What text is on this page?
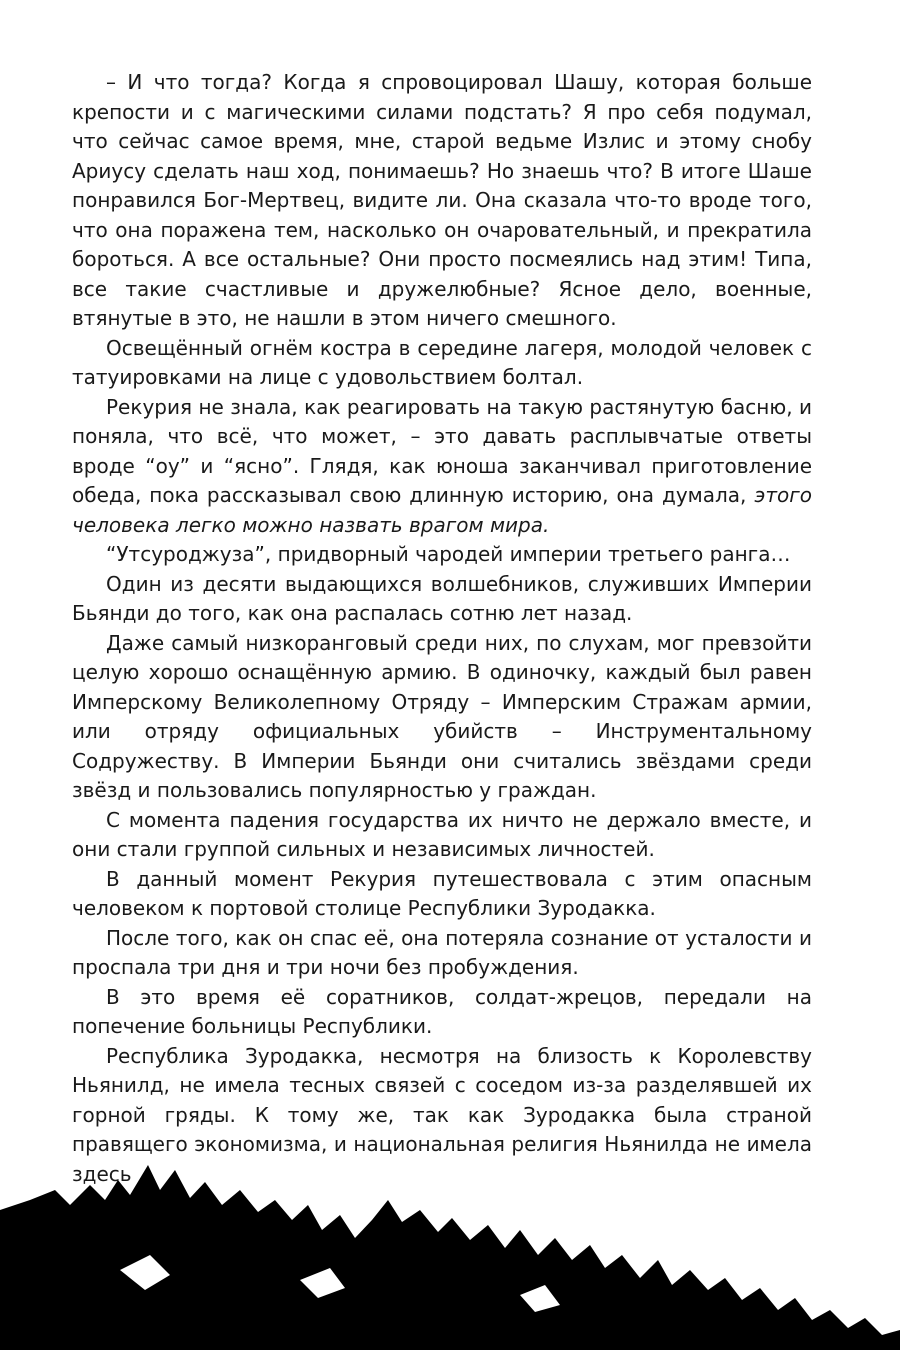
– И что тогда? Когда я спровоцировал Шашу, которая больше крепости и с магическими силами подстать? Я про себя подумал, что сейчас самое время, мне, старой ведьме Излис и этому снобу Ариусу сделать наш ход, понимаешь? Но знаешь что? В итоге Шаше понравился Бог-Мертвец, видите ли. Она сказала что-то вроде того, что она поражена тем, насколько он очаровательный, и прекратила бороться. А все остальные? Они просто посмеялись над этим! Типа, все такие счастливые и дружелюбные? Ясное дело, военные, втянутые в это, не нашли в этом ничего смешного.

Освещённый огнём костра в середине лагеря, молодой человек с татуировками на лице с удовольствием болтал.

Рекурия не знала, как реагировать на такую растянутую басню, и поняла, что всё, что может, – это давать расплывчатые ответы вроде “оу” и “ясно”. Глядя, как юноша заканчивал приготовление обеда, пока рассказывал свою длинную историю, она думала, этого человека легко можно назвать врагом мира.

“Утсуроджуза”, придворный чародей империи третьего ранга…

Один из десяти выдающихся волшебников, служивших Империи Бьянди до того, как она распалась сотню лет назад.

Даже самый низкоранговый среди них, по слухам, мог превзойти целую хорошо оснащённую армию. В одиночку, каждый был равен Имперскому Великолепному Отряду – Имперским Стражам армии, или отряду официальных убийств – Инструментальному Содружеству. В Империи Бьянди они считались звёздами среди звёзд и пользовались популярностью у граждан.

С момента падения государства их ничто не держало вместе, и они стали группой сильных и независимых личностей.

В данный момент Рекурия путешествовала с этим опасным человеком к портовой столице Республики Зуродакка.

После того, как он спас её, она потеряла сознание от усталости и проспала три дня и три ночи без пробуждения.

В это время её соратников, солдат-жрецов, передали на попечение больницы Республики.

Республика Зуродакка, несмотря на близость к Королевству Ньянилд, не имела тесных связей с соседом из-за разделявшей их горной гряды. К тому же, так как Зуродакка была страной правящего экономизма, и национальная религия Ньянилда не имела здесь
